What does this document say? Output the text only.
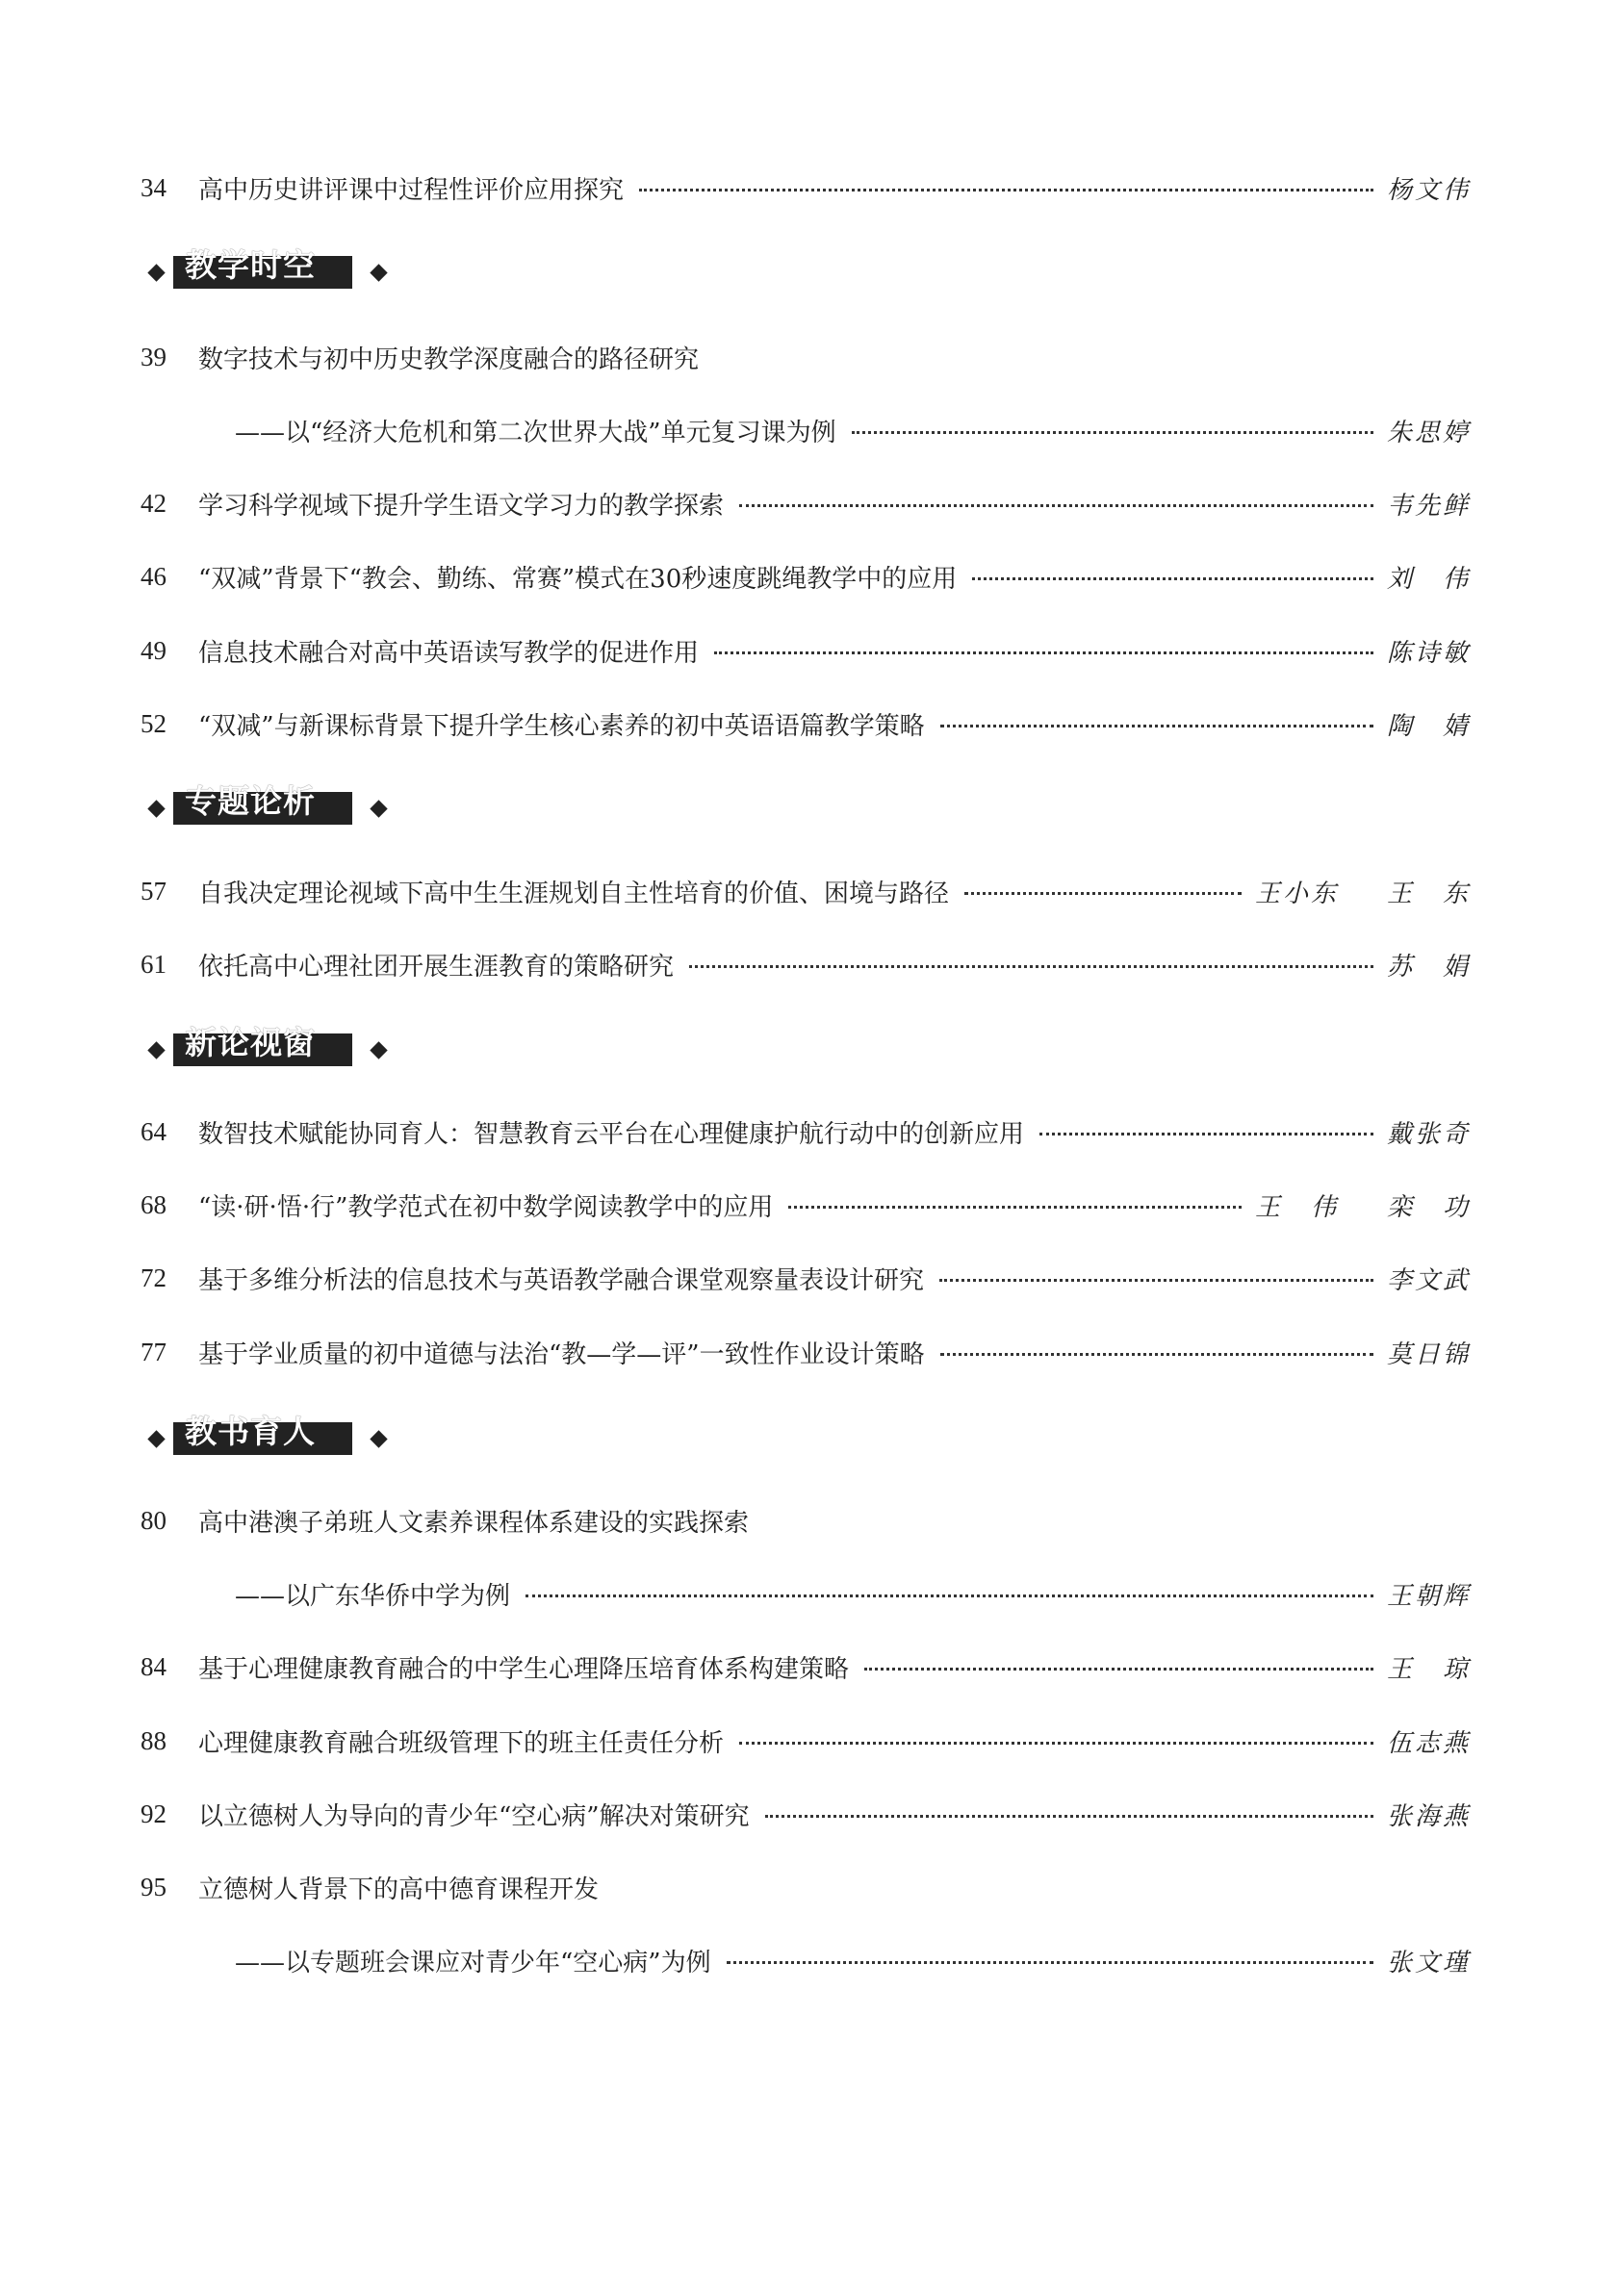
34	高中历史讲评课中过程性评价应用探究	杨文伟
教学时空
39	数字技术与初中历史教学深度融合的路径研究
——以“经济大危机和第二次世界大战”单元复习课为例	朱思婷
42	学习科学视域下提升学生语文学习力的教学探索	韦先鲜
46	“双减”背景下“教会、勤练、常赛”模式在30秒速度跳绳教学中的应用	刘伟
49	信息技术融合对高中英语读写教学的促进作用	陈诗敏
52	“双减”与新课标背景下提升学生核心素养的初中英语语篇教学策略	陶婧
专题论析
57	自我决定理论视域下高中生生涯规划自主性培育的价值、困境与路径	王小东 王东
61	依托高中心理社团开展生涯教育的策略研究	苏娟
新论视窗
64	数智技术赋能协同育人：智慧教育云平台在心理健康护航行动中的创新应用	戴张奇
68	“读·研·悟·行”教学范式在初中数学阅读教学中的应用	王伟 栾功
72	基于多维分析法的信息技术与英语教学融合课堂观察量表设计研究	李文武
77	基于学业质量的初中道德与法治“教—学—评”一致性作业设计策略	莫日锦
教书育人
80	高中港澳子弟班人文素养课程体系建设的实践探索
——以广东华侨中学为例	王朝辉
84	基于心理健康教育融合的中学生心理降压培育体系构建策略	王琼
88	心理健康教育融合班级管理下的班主任责任分析	伍志燕
92	以立德树人为导向的青少年“空心病”解决对策研究	张海燕
95	立德树人背景下的高中德育课程开发
——以专题班会课应对青少年“空心病”为例	张文瑾
